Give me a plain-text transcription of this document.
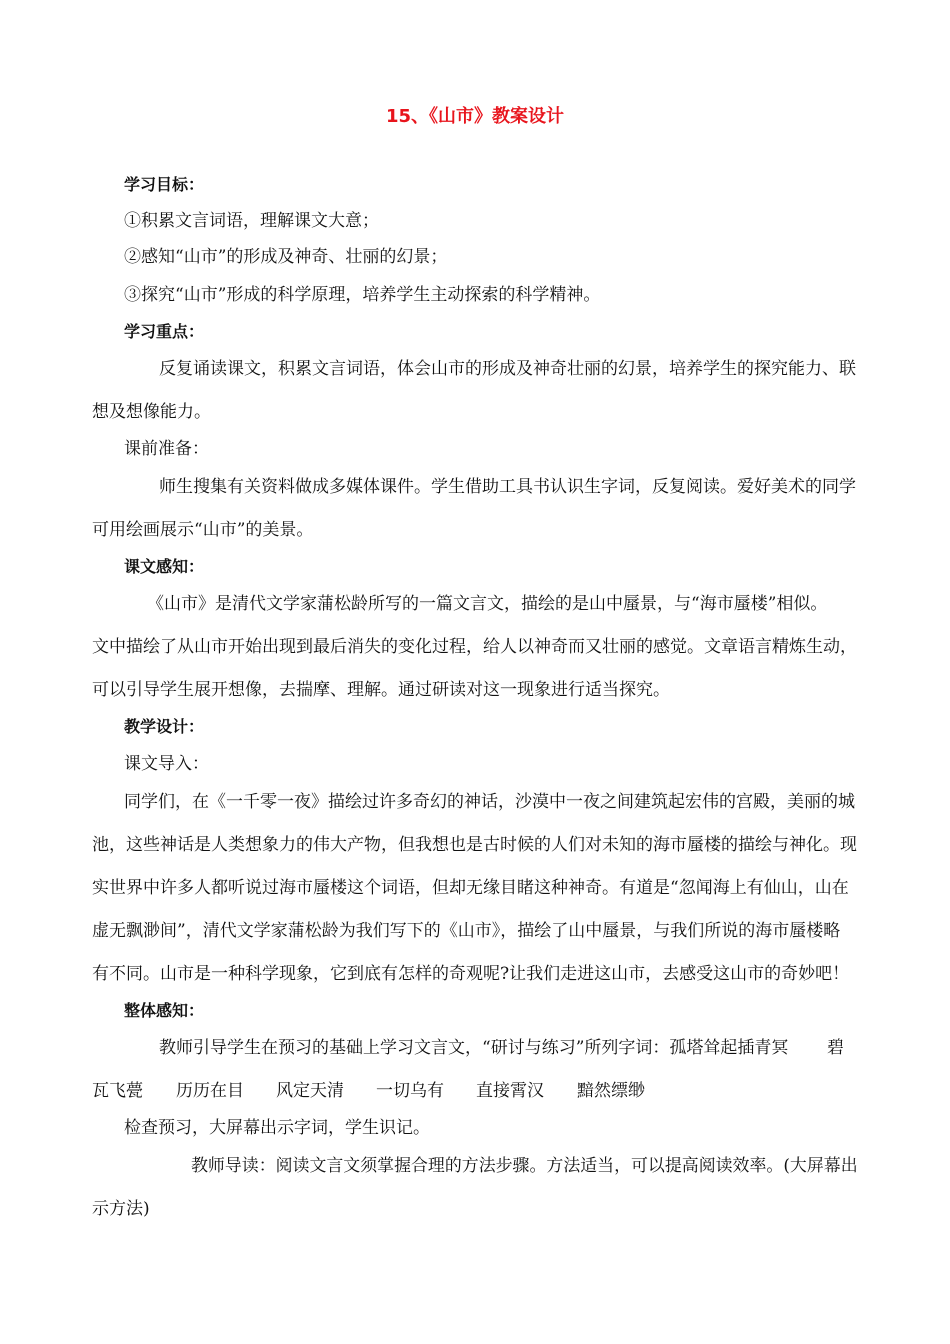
15、《山市》教案设计
学习目标：
①积累文言词语，理解课文大意；
②感知“山市”的形成及神奇、壮丽的幻景；
③探究“山市”形成的科学原理，培养学生主动探索的科学精神。
学习重点：
反复诵读课文，积累文言词语，体会山市的形成及神奇壮丽的幻景，培养学生的探究能力、联
想及想像能力。
课前准备：
师生搜集有关资料做成多媒体课件。学生借助工具书认识生字词，反复阅读。爱好美术的同学
可用绘画展示“山市”的美景。
课文感知：
《山市》是清代文学家蒲松龄所写的一篇文言文，描绘的是山中蜃景，与“海市蜃楼”相似。
文中描绘了从山市开始出现到最后消失的变化过程，给人以神奇而又壮丽的感觉。文章语言精炼生动，
可以引导学生展开想像，去揣摩、理解。通过研读对这一现象进行适当探究。
教学设计：
课文导入：
同学们，在《一千零一夜》描绘过许多奇幻的神话，沙漠中一夜之间建筑起宏伟的宫殿，美丽的城
池，这些神话是人类想象力的伟大产物，但我想也是古时候的人们对未知的海市蜃楼的描绘与神化。现
实世界中许多人都听说过海市蜃楼这个词语，但却无缘目睹这种神奇。有道是“忽闻海上有仙山，山在
虚无飘渺间”，清代文学家蒲松龄为我们写下的《山市》，描绘了山中蜃景，与我们所说的海市蜃楼略
有不同。山市是一种科学现象，它到底有怎样的奇观呢?让我们走进这山市，去感受这山市的奇妙吧！
整体感知：
教师引导学生在预习的基础上学习文言文，“研讨与练习”所列字词：孤塔耸起插青冥 碧
瓦飞甍 历历在目 风定天清 一切乌有 直接霄汉 黯然缥缈
检查预习，大屏幕出示字词，学生识记。
教师导读：阅读文言文须掌握合理的方法步骤。方法适当，可以提高阅读效率。(大屏幕出
示方法)
